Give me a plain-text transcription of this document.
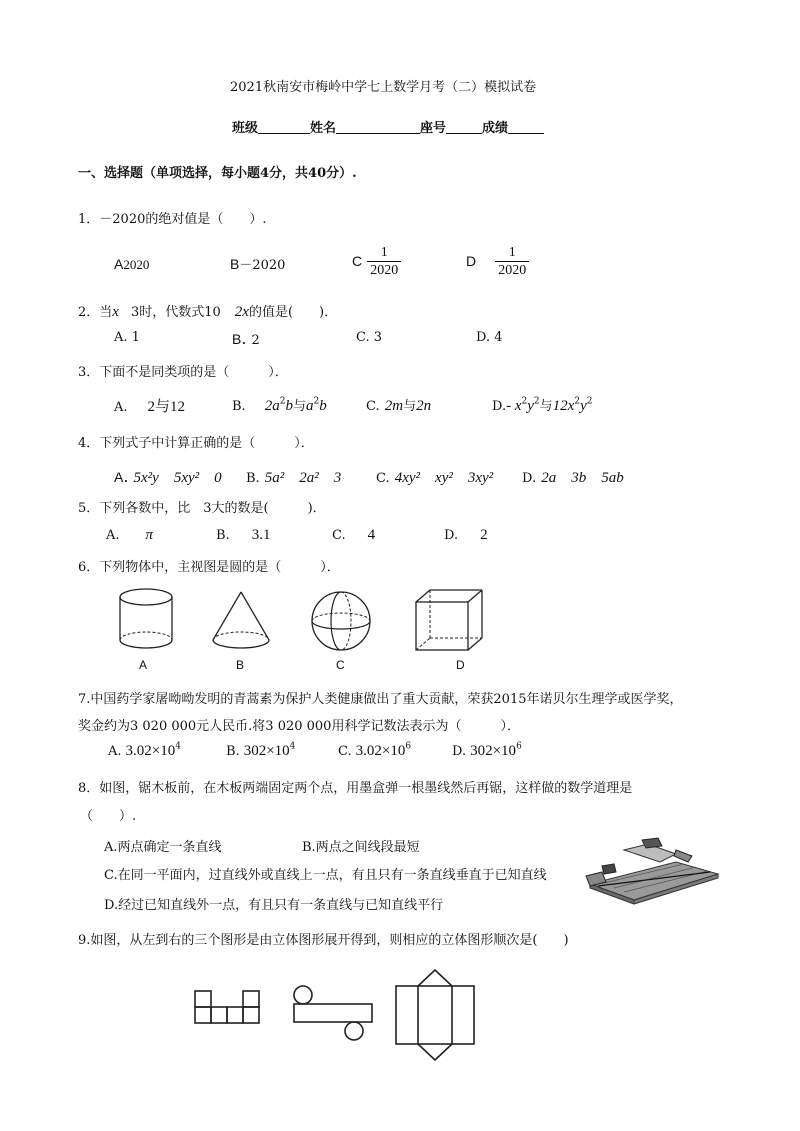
2021秋南安市梅岭中学七上数学月考（二）模拟试卷
班级	姓名	座号	成绩
一、选择题（单项选择，每小题4分，共40分）.
1．－2020的绝对值是（　　）.
A2020	B－2020	C $\frac{1}{2020}$	D $\frac{1}{2020}$
2．当x 3时，代数式10 2x的值是(　　)．
A. 1	B. 2	C. 3	D. 4
3．下面不是同类项的是（　　　）．
A. 2与12	B. $2a^2b$与$a^2b$	C. 2m与2n	D.- $x^2y^2$与$12x^2y^2$
4．下列式子中计算正确的是（　　　）．
A. 5x²y　5xy²　0 B. 5a²　2a²　3	C. 4xy²　xy²　3xy² D. 2a　3b　5ab
5．下列各数中，比　3大的数是(　　　)．
A. π	B. 3.1	C. 4	D. 2
6．下列物体中，主视图是圆的是（　　　）．
A	B	C	D
7.中国药学家屠呦呦发明的青蒿素为保护人类健康做出了重大贡献，荣获2015年诺贝尔生理学或医学奖，
奖金约为3 020 000元人民币.将3 020 000用科学记数法表示为（　　　）．
A. $3.02\times 10^4$	B. $302\times 10^4$	C. $3.02\times 10^6$	D. $302\times 10^6$
8．如图，锯木板前，在木板两端固定两个点，用墨盒弹一根墨线然后再锯，这样做的数学道理是
（　　）.
A.两点确定一条直线	B.两点之间线段最短
C.在同一平面内，过直线外或直线上一点，有且只有一条直线垂直于已知直线
D.经过已知直线外一点，有且只有一条直线与已知直线平行
9.如图，从左到右的三个图形是由立体图形展开得到，则相应的立体图形顺次是(　　)
